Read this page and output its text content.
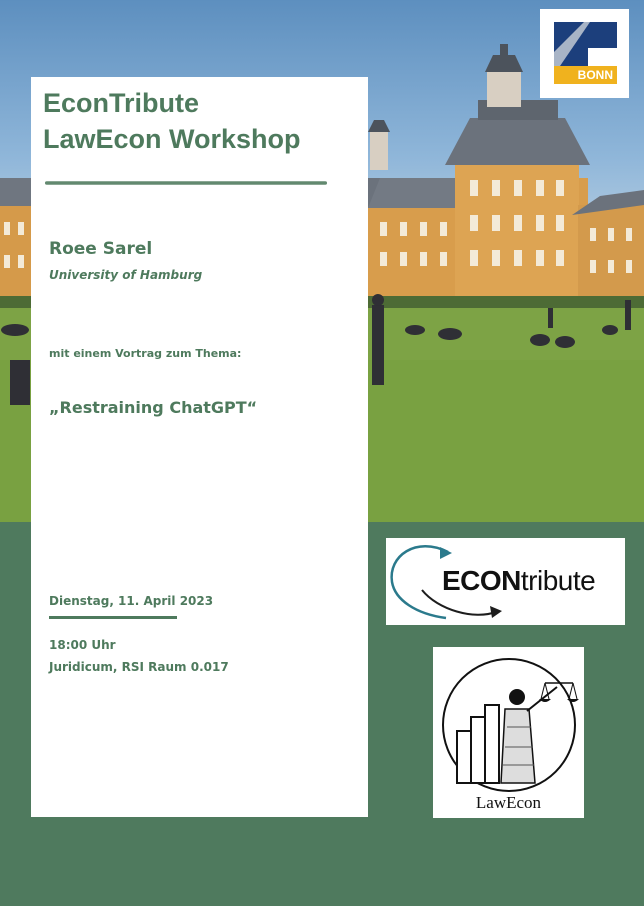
UNI
BONN
EconTribute
LawEcon Workshop
Roee Sarel
University of Hamburg
mit einem Vortrag zum Thema:
„Restraining ChatGPT“
Dienstag, 11. April 2023
18:00 Uhr
Juridicum, RSI Raum 0.017
ECONtribute
LawEcon
